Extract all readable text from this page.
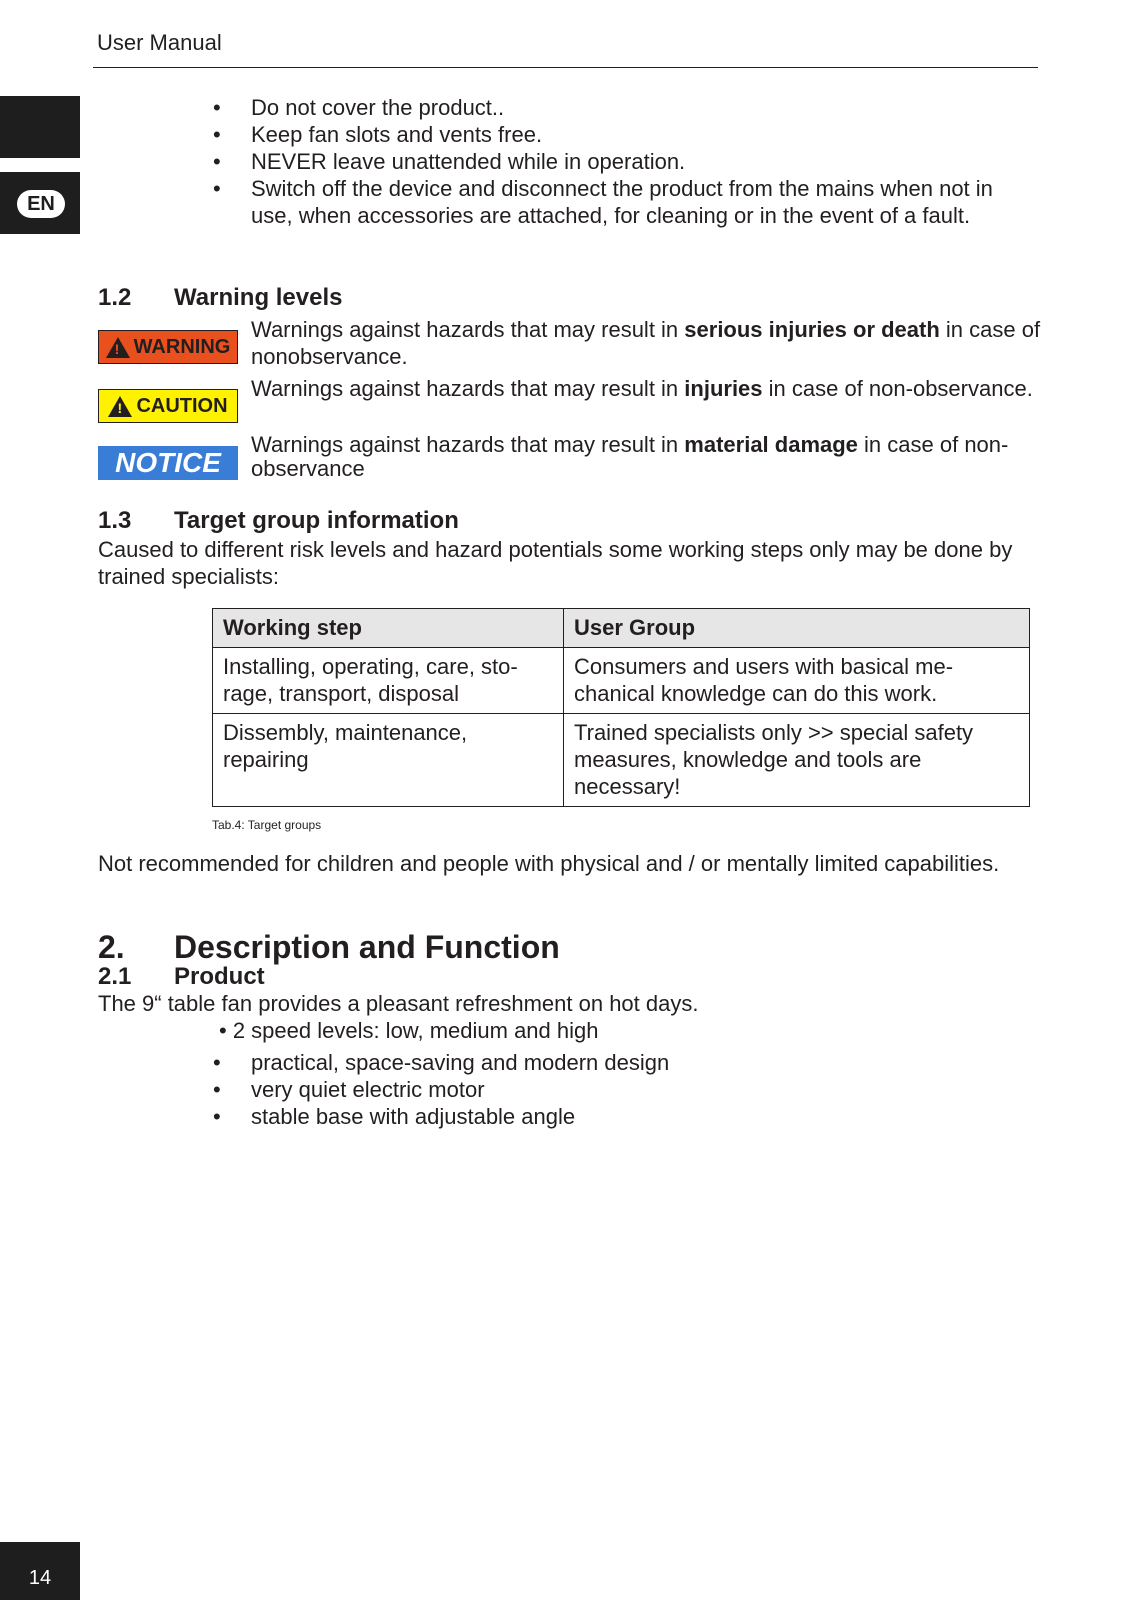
User Manual
EN
• Do not cover the product..
• Keep fan slots and vents free.
• NEVER leave unattended while in operation.
• Switch off the device and disconnect the product from the mains when not in use, when accessories are attached, for cleaning or in the event of a fault.
1.2 Warning levels
!
WARNING
Warnings against hazards that may result in serious injuries or death in case of nonobservance.
!
CAUTION
Warnings against hazards that may result in injuries in case of non-observance.
NOTICE
Warnings against hazards that may result in material damage in case of non-observance
1.3 Target group information
Caused to different risk levels and hazard potentials some working steps only may be done by trained specialists:
Working step	User Group
Installing, operating, care, sto-rage, transport, disposal	Consumers and users with basical me-chanical knowledge can do this work.
Dissembly, maintenance, repairing	Trained specialists only >> special safety measures, knowledge and tools are necessary!
Tab.4: Target groups
Not recommended for children and people with physical and / or mentally limited capabilities.
2. Description and Function
2.1 Product
The 9“ table fan provides a pleasant refreshment on hot days.
• 2 speed levels: low, medium and high
• practical, space-saving and modern design
• very quiet electric motor
• stable base with adjustable angle
14
